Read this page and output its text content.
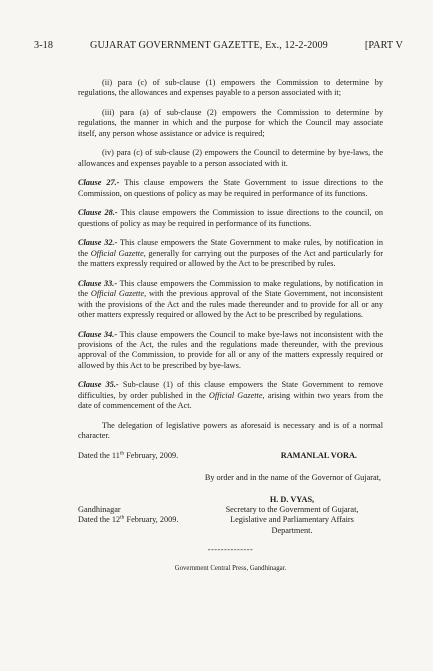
3-18	GUJARAT GOVERNMENT GAZETTE, Ex., 12-2-2009	[PART V

(ii) para (c) of sub-clause (1) empowers the Commission to determine by regulations, the allowances and expenses payable to a person associated with it;

(iii) para (a) of sub-clause (2) empowers the Commission to determine by regulations, the manner in which and the purpose for which the Council may associate itself, any person whose assistance or advice is required;

(iv) para (c) of sub-clause (2) empowers the Council to determine by bye-laws, the allowances and expenses payable to a person associated with it.

Clause 27.- This clause empowers the State Government to issue directions to the Commission, on questions of policy as may be required in performance of its functions.

Clause 28.- This clause empowers the Commission to issue directions to the council, on questions of policy as may be required in performance of its functions.

Clause 32.- This clause empowers the State Government to make rules, by notification in the Official Gazette, generally for carrying out the purposes of the Act and particularly for the matters expressly required or allowed by the Act to be prescribed by rules.

Clause 33.- This clause empowers the Commission to make regulations, by notification in the Official Gazette, with the previous approval of the State Government, not inconsistent with the provisions of the Act and the rules made thereunder and to provide for all or any other matters expressly required or allowed by the Act to be prescribed by regulations.

Clause 34.- This clause empowers the Council to make bye-laws not inconsistent with the provisions of the Act, the rules and the regulations made thereunder, with the previous approval of the Commission, to provide for all or any of the matters expressly required or allowed by this Act to be prescribed by bye-laws.

Clause 35.- Sub-clause (1) of this clause empowers the State Government to remove difficulties, by order published in the Official Gazette, arising within two years from the date of commencement of the Act.

The delegation of legislative powers as aforesaid is necessary and is of a normal character.

Dated the 11th February, 2009.	RAMANLAL VORA.
By order and in the name of the Governor of Gujarat,
Gandhinagar
Dated the 12th February, 2009.
H. D. VYAS,
Secretary to the Government of Gujarat,
Legislative and Parliamentary Affairs
Department.
--------------
Government Central Press, Gandhinagar.
